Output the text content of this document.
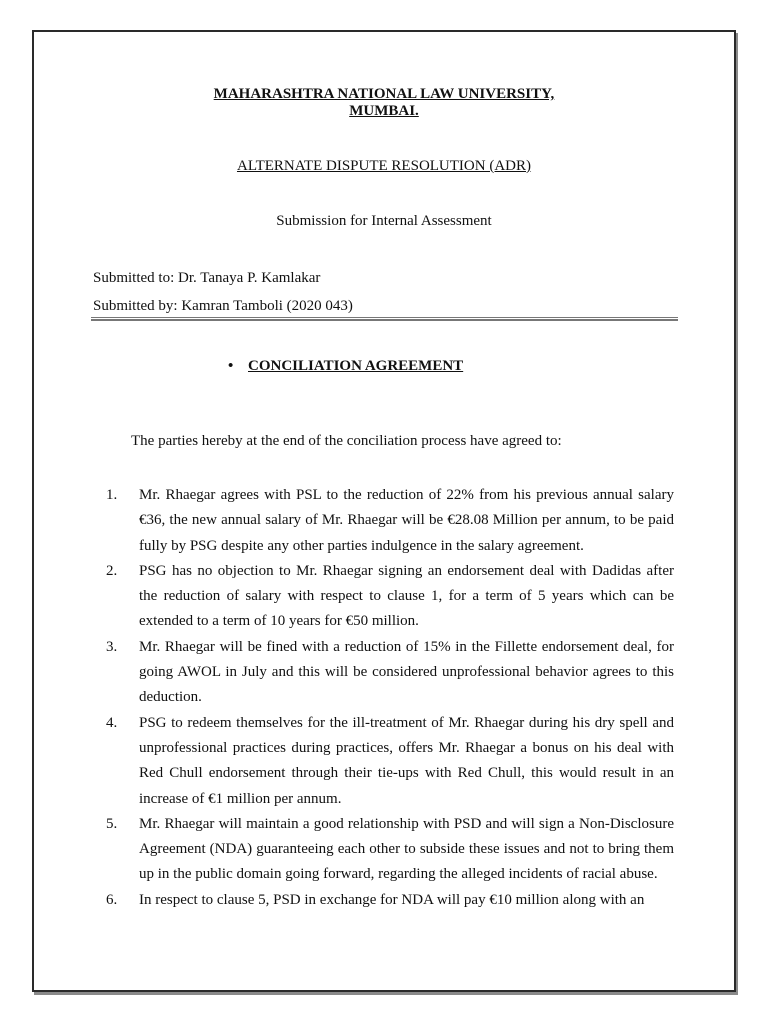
MAHARASHTRA NATIONAL LAW UNIVERSITY,
MUMBAI.
ALTERNATE DISPUTE RESOLUTION (ADR)
Submission for Internal Assessment
Submitted to: Dr. Tanaya P. Kamlakar
Submitted by: Kamran Tamboli (2020 043)
• CONCILIATION AGREEMENT
The parties hereby at the end of the conciliation process have agreed to:
1.	Mr. Rhaegar agrees with PSL to the reduction of 22% from his previous annual salary €36, the new annual salary of Mr. Rhaegar will be €28.08 Million per annum, to be paid fully by PSG despite any other parties indulgence in the salary agreement.
2.	PSG has no objection to Mr. Rhaegar signing an endorsement deal with Dadidas after the reduction of salary with respect to clause 1, for a term of 5 years which can be extended to a term of 10 years for €50 million.
3.	Mr. Rhaegar will be fined with a reduction of 15% in the Fillette endorsement deal, for going AWOL in July and this will be considered unprofessional behavior agrees to this deduction.
4.	PSG to redeem themselves for the ill-treatment of Mr. Rhaegar during his dry spell and unprofessional practices during practices, offers Mr. Rhaegar a bonus on his deal with Red Chull endorsement through their tie-ups with Red Chull, this would result in an increase of €1 million per annum.
5.	Mr. Rhaegar will maintain a good relationship with PSD and will sign a Non-Disclosure Agreement (NDA) guaranteeing each other to subside these issues and not to bring them up in the public domain going forward, regarding the alleged incidents of racial abuse.
6.	In respect to clause 5, PSD in exchange for NDA will pay €10 million along with an
